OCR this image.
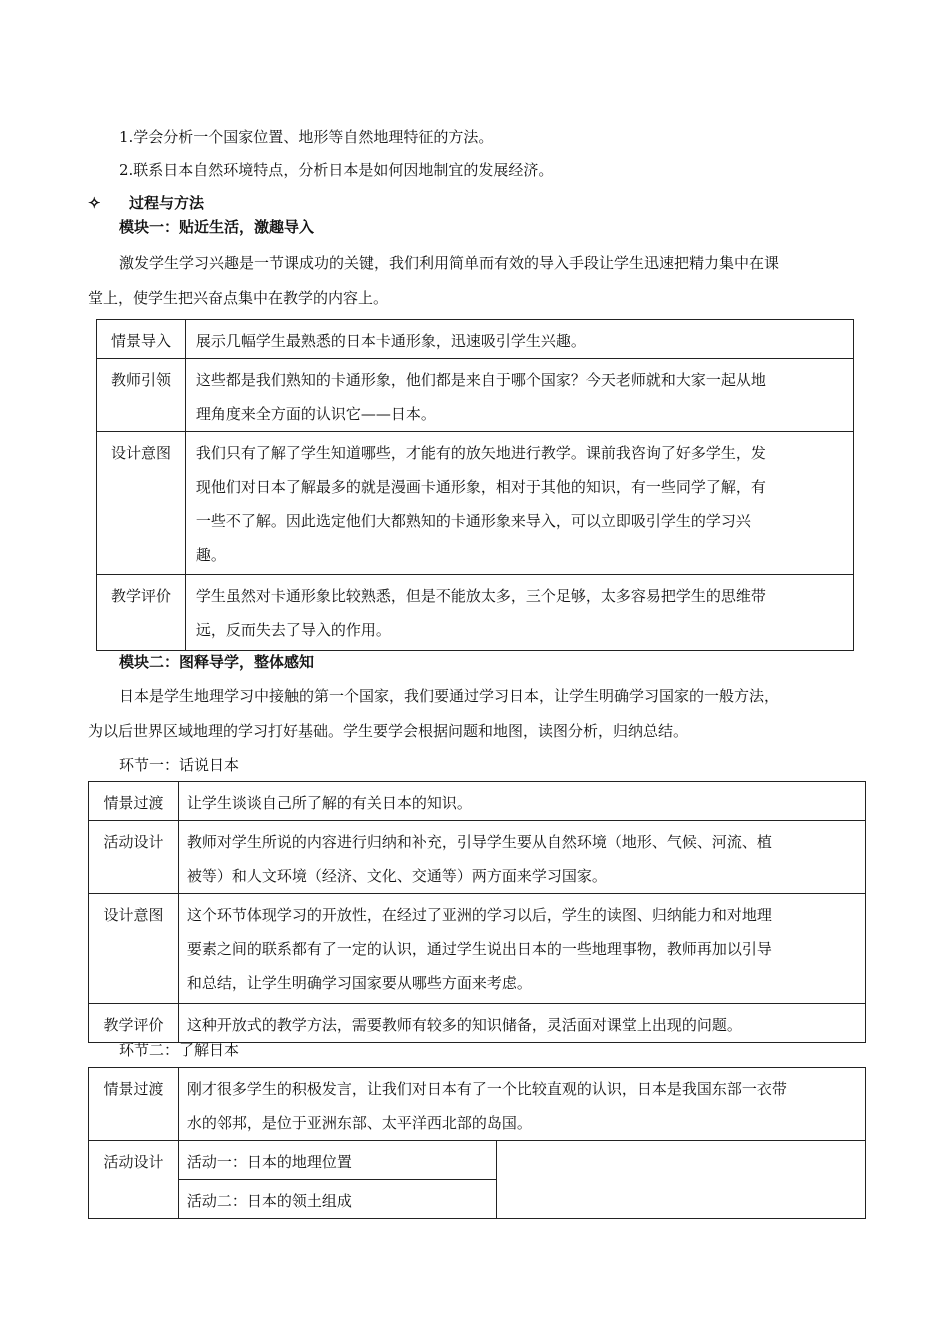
1.学会分析一个国家位置、地形等自然地理特征的方法。
2.联系日本自然环境特点，分析日本是如何因地制宜的发展经济。
✧ 过程与方法
模块一：贴近生活，激趣导入
激发学生学习兴趣是一节课成功的关键，我们利用简单而有效的导入手段让学生迅速把精力集中在课
堂上，使学生把兴奋点集中在教学的内容上。
情景导入	展示几幅学生最熟悉的日本卡通形象，迅速吸引学生兴趣。

教师引领	这些都是我们熟知的卡通形象，他们都是来自于哪个国家？今天老师就和大家一起从地
理角度来全方面的认识它——日本。

设计意图	我们只有了解了学生知道哪些，才能有的放矢地进行教学。课前我咨询了好多学生，发
现他们对日本了解最多的就是漫画卡通形象，相对于其他的知识，有一些同学了解，有
一些不了解。因此选定他们大都熟知的卡通形象来导入，可以立即吸引学生的学习兴
趣。

教学评价	学生虽然对卡通形象比较熟悉，但是不能放太多，三个足够，太多容易把学生的思维带
远，反而失去了导入的作用。
模块二：图释导学，整体感知
日本是学生地理学习中接触的第一个国家，我们要通过学习日本，让学生明确学习国家的一般方法，
为以后世界区域地理的学习打好基础。学生要学会根据问题和地图，读图分析，归纳总结。
环节一：话说日本
情景过渡	让学生谈谈自己所了解的有关日本的知识。

活动设计	教师对学生所说的内容进行归纳和补充，引导学生要从自然环境（地形、气候、河流、植
被等）和人文环境（经济、文化、交通等）两方面来学习国家。

设计意图	这个环节体现学习的开放性，在经过了亚洲的学习以后，学生的读图、归纳能力和对地理
要素之间的联系都有了一定的认识，通过学生说出日本的一些地理事物，教师再加以引导
和总结，让学生明确学习国家要从哪些方面来考虑。

教学评价	这种开放式的教学方法，需要教师有较多的知识储备，灵活面对课堂上出现的问题。
环节二：了解日本
情景过渡	刚才很多学生的积极发言，让我们对日本有了一个比较直观的认识，日本是我国东部一衣带
水的邻邦，是位于亚洲东部、太平洋西北部的岛国。	

活动设计	活动一：日本的地理位置	

	活动二：日本的领土组成	
